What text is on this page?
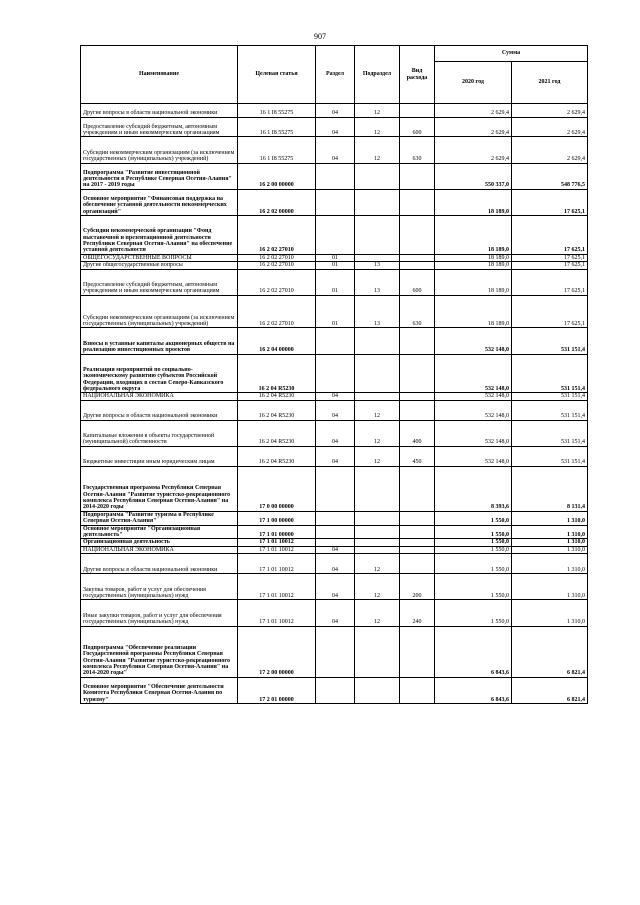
907
Наименование	Целевая статья	Раздел	Подраздел	Вид расхода	Сумма	
					2020 год	2021 год
Другие вопросы в области национальной экономики	16 1 I8 55275	04	12		2 629,4	2 629,4
Предоставление субсидий бюджетным, автономным учреждениям и иным некоммерческим организациям	16 1 I8 55275	04	12	600	2 629,4	2 629,4
Субсидии некоммерческим организациям (за исключением государственных (муниципальных) учреждений)	16 1 I8 55275	04	12	630	2 629,4	2 629,4
Подпрограмма "Развитие инвестиционной деятельности в Республике Северная Осетия-Алания" на 2017 - 2019 годы	16 2 00 00000				550 337,0	548 776,5
Основное мероприятие "Финансовая поддержка на обеспечение уставной деятельности некоммерческих организаций"	16 2 02 00000				18 189,0	17 625,1
Субсидии некоммерческой организации "Фонд выставочной и презентационной деятельности Республики Северная Осетия-Алания" на обеспечение уставной деятельности	16 2 02 27010				18 189,0	17 625,1
ОБЩЕГОСУДАРСТВЕННЫЕ ВОПРОСЫ	16 2 02 27010	01			18 189,0	17 625,1
Другие общегосударственные вопросы	16 2 02 27010	01	13		18 189,0	17 625,1
Предоставление субсидий бюджетным, автономным учреждениям и иным некоммерческим организациям	16 2 02 27010	01	13	600	18 189,0	17 625,1
Субсидии некоммерческим организациям (за исключением государственных (муниципальных) учреждений)	16 2 02 27010	01	13	630	18 189,0	17 625,1
Взносы в уставные капиталы акционерных обществ на реализацию инвестиционных проектов	16 2 04 00000				532 148,0	531 151,4
Реализация мероприятий по социально-экономическому развитию субъектов Российской Федерации, входящих в состав Северо-Кавказского федерального округа	16 2 04 R5230				532 148,0	531 151,4
НАЦИОНАЛЬНАЯ ЭКОНОМИКА	16 2 04 R5230	04			532 148,0	531 151,4
Другие вопросы в области национальной экономики	16 2 04 R5230	04	12		532 148,0	531 151,4
Капитальные вложения в объекты государственной (муниципальной) собственности	16 2 04 R5230	04	12	400	532 148,0	531 151,4
Бюджетные инвестиции иным юридическим лицам	16 2 04 R5230	04	12	450	532 148,0	531 151,4
Государственная программа Республики Северная Осетия-Алания "Развитие туристско-рекреационного комплекса Республики Северная Осетия-Алания" на 2014-2020 годы	17 0 00 00000				8 393,6	8 131,4
Подпрограмма "Развитие туризма в Республике Северная Осетия-Алания"	17 1 00 00000				1 550,0	1 310,0
Основное мероприятие "Организационная деятельность"	17 1 01 00000				1 550,0	1 310,0
Организационная деятельность	17 1 01 10012				1 550,0	1 310,0
НАЦИОНАЛЬНАЯ ЭКОНОМИКА	17 1 01 10012	04			1 550,0	1 310,0
Другие вопросы в области национальной экономики	17 1 01 10012	04	12		1 550,0	1 310,0
Закупка товаров, работ и услуг для обеспечения государственных (муниципальных) нужд	17 1 01 10012	04	12	200	1 550,0	1 310,0
Иные закупки товаров, работ и услуг для обеспечения государственных (муниципальных) нужд	17 1 01 10012	04	12	240	1 550,0	1 310,0
Подпрограмма "Обеспечение реализации Государственной программы Республики Северная Осетия-Алания "Развитие туристско-рекреационного комплекса Республики Северная Осетия-Алания" на 2014-2020 годы"	17 2 00 00000				6 843,6	6 821,4
Основное мероприятие "Обеспечение деятельности Комитета Республики Северная Осетия-Алания по туризму"	17 2 01 00000				6 843,6	6 821,4
